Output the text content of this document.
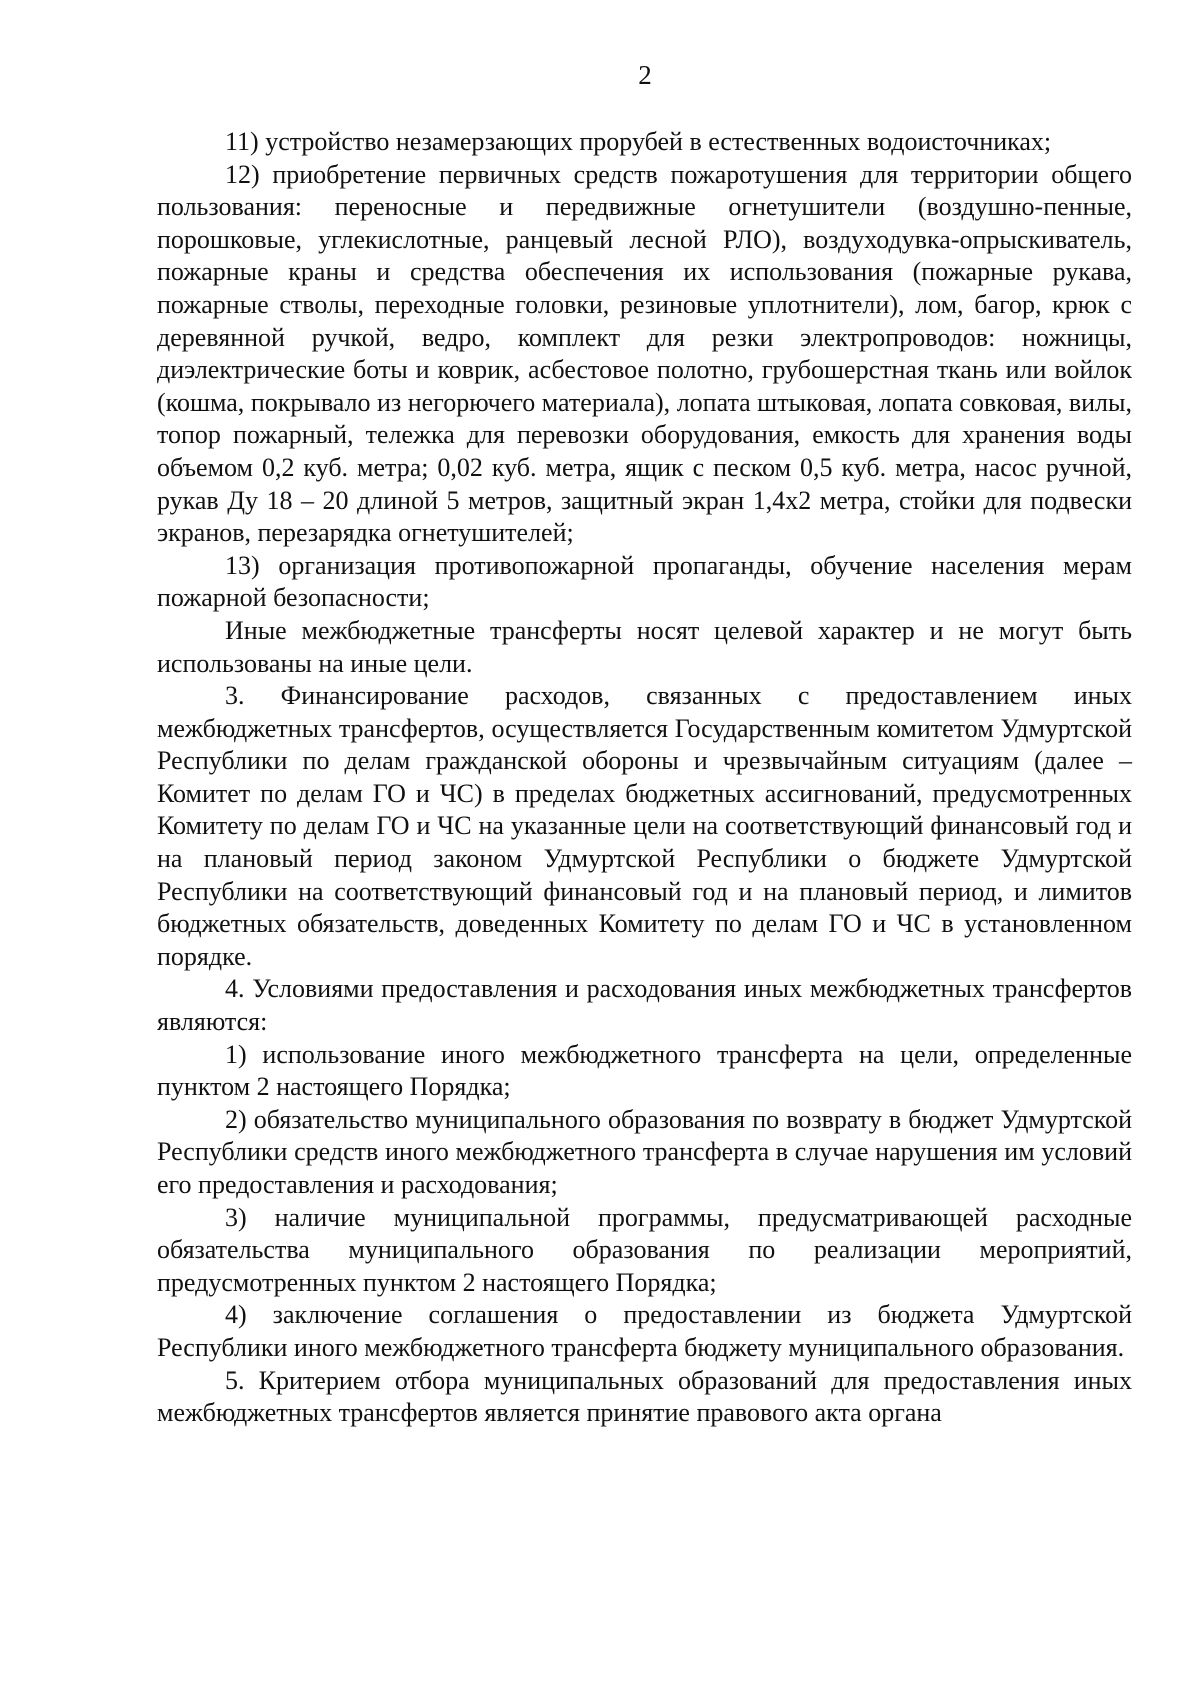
2

11) устройство незамерзающих прорубей в естественных водоисточниках;

12) приобретение первичных средств пожаротушения для территории общего пользования: переносные и передвижные огнетушители (воздушно-​пенные, порошковые, углекислотные, ранцевый лесной РЛО), воздуходувка-​опрыскиватель, пожарные краны и средства обеспечения их использования (пожарные рукава, пожарные стволы, переходные головки, резиновые уплотнители), лом, багор, крюк с деревянной ручкой, ведро, комплект для резки электропроводов: ножницы, диэлектрические боты и коврик, асбестовое полотно, грубошерстная ткань или войлок (кошма, покрывало из негорючего материала), лопата штыковая, лопата совковая, вилы, топор пожарный, тележка для перевозки оборудования, емкость для хранения воды объемом 0,2 куб. метра; 0,02 куб. метра, ящик с песком 0,5 куб. метра, насос ручной, рукав Ду 18 – 20 длиной 5 метров, защитный экран 1,4х2 метра, стойки для подвески экранов, перезарядка огнетушителей;

13) организация противопожарной пропаганды, обучение населения мерам пожарной безопасности;

Иные межбюджетные трансферты носят целевой характер и не могут быть использованы на иные цели.

3. Финансирование расходов, связанных с предоставлением иных межбюджетных трансфертов, осуществляется Государственным комитетом Удмуртской Республики по делам гражданской обороны и чрезвычайным ситуациям (далее – Комитет по делам ГО и ЧС) в пределах бюджетных ассигнований, предусмотренных Комитету по делам ГО и ЧС на указанные цели на соответствующий финансовый год и на плановый период законом Удмуртской Республики о бюджете Удмуртской Республики на соответствующий финансовый год и на плановый период, и лимитов бюджетных обязательств, доведенных Комитету по делам ГО и ЧС в установленном порядке.

4. Условиями предоставления и расходования иных межбюджетных трансфертов являются:

1) использование иного межбюджетного трансферта на цели, определенные пунктом 2 настоящего Порядка;

2) обязательство муниципального образования по возврату в бюджет Удмуртской Республики средств иного межбюджетного трансферта в случае нарушения им условий его предоставления и расходования;

3) наличие муниципальной программы, предусматривающей расходные обязательства муниципального образования по реализации мероприятий, предусмотренных пунктом 2 настоящего Порядка;

4) заключение соглашения о предоставлении из бюджета Удмуртской Республики иного межбюджетного трансферта бюджету муниципального образования.

5. Критерием отбора муниципальных образований для предоставления иных межбюджетных трансфертов является принятие правового акта органа
